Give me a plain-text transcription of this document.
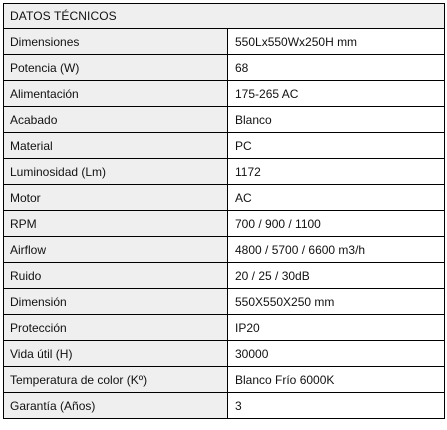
DATOS TÉCNICOS	
Dimensiones	550Lx550Wx250H mm
Potencia (W)	68
Alimentación	175-265 AC
Acabado	Blanco
Material	PC
Luminosidad (Lm)	1172
Motor	AC
RPM	700 / 900 / 1100
Airflow	4800 / 5700 / 6600 m3/h
Ruido	20 / 25 / 30dB
Dimensión	550X550X250 mm
Protección	IP20
Vida útil (H)	30000
Temperatura de color (Kº)	Blanco Frío 6000K
Garantía (Años)	3
